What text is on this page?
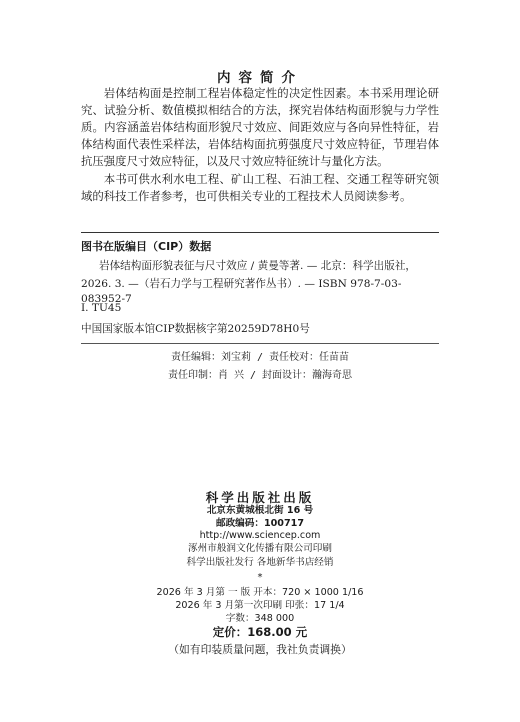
内容简介
岩体结构面是控制工程岩体稳定性的决定性因素。本书采用理论研究、试验分析、数值模拟相结合的方法，探究岩体结构面形貌与力学性质。内容涵盖岩体结构面形貌尺寸效应、间距效应与各向异性特征，岩体结构面代表性采样法，岩体结构面抗剪强度尺寸效应特征，节理岩体抗压强度尺寸效应特征，以及尺寸效应特征统计与量化方法。
本书可供水利水电工程、矿山工程、石油工程、交通工程等研究领域的科技工作者参考，也可供相关专业的工程技术人员阅读参考。
图书在版编目（CIP）数据
岩体结构面形貌表征与尺寸效应 / 黄曼等著. — 北京：科学出版社，
2026. 3. —（岩石力学与工程研究著作丛书）. — ISBN 978-7-03-083952-7
Ⅰ. TU45
中国国家版本馆CIP数据核字第20259D78H0号
责任编辑：刘宝莉 / 责任校对：任苗苗
责任印制：肖 兴 / 封面设计：瀚海奇思
科学出版社出版
北京东黄城根北街 16 号
邮政编码：100717
http://www.sciencep.com
涿州市般润文化传播有限公司印刷
科学出版社发行 各地新华书店经销
*
2026 年 3 月第 一 版 开本：720 × 1000 1/16
2026 年 3 月第一次印刷 印张：17 1/4
字数：348 000
定价：168.00 元
（如有印装质量问题，我社负责调换）
